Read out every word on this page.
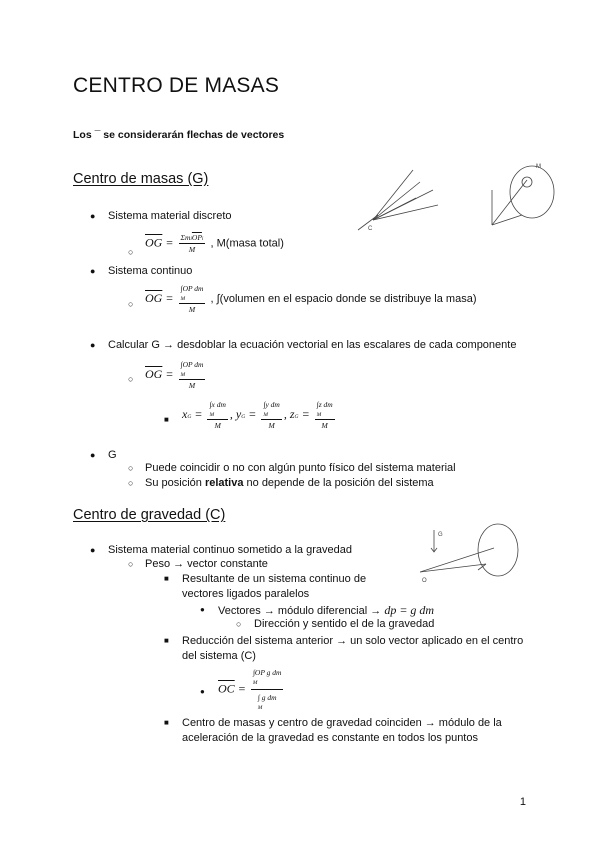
CENTRO DE MASAS
Los ¯ se considerarán flechas de vectores
Centro de masas (G)
● Sistema material discreto
○
$\overline{OG} = \frac{\Sigma mi\overline{OP}i}{M}$ , M(masa total)
● Sistema continuo
○ $\overline{OG}$ =
∫OP dm
M
M
, ∫(volumen en el espacio donde se distribuye la masa)
● Calcular G → desdoblar la ecuación vectorial en las escalares de cada componente
○ $\overline{OG}$ =
∫OP dm
M
M
■ xG =
∫x dm
M
M
, yG =
∫y dm
M
M
, zG =
∫z dm
M
M
● G
○ Puede coincidir o no con algún punto físico del sistema material
○ Su posición relativa no depende de la posición del sistema
Centro de gravedad (C)
● Sistema material continuo sometido a la gravedad
○ Peso → vector constante
■ Resultante de un sistema continuo de
vectores ligados paralelos
● Vectores → módulo diferencial → dp = g dm
○ Dirección y sentido el de la gravedad
■ Reducción del sistema anterior → un solo vector aplicado en el centro
del sistema (C)
● $\overline{OC}$ =
∫OP g dm
M
∫ g dm
M
■ Centro de masas y centro de gravedad coinciden → módulo de la
aceleración de la gravedad es constante en todos los puntos
C
M
G
O
1
